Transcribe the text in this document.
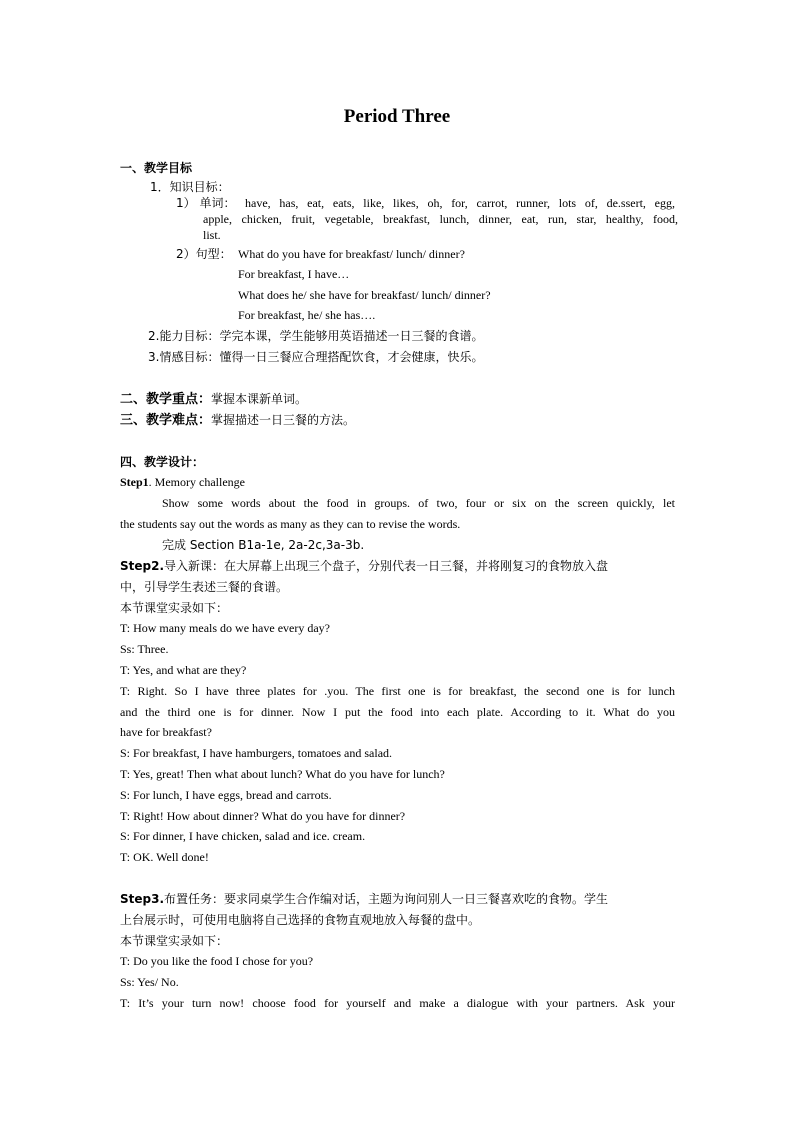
Period Three
一、教学目标
1．知识目标：
1） 单词： have, has, eat, eats, like, likes, oh, for, carrot, runner, lots of, de.ssert, egg,
apple, chicken, fruit, vegetable, breakfast, lunch, dinner, eat, run, star, healthy, food,
list.
2）句型： What do you have for breakfast/ lunch/ dinner?
For breakfast, I have…
What does he/ she have for breakfast/ lunch/ dinner?
For breakfast, he/ she has….
2.能力目标：学完本课，学生能够用英语描述一日三餐的食谱。
3.情感目标：懂得一日三餐应合理搭配饮食，才会健康，快乐。
二、教学重点：掌握本课新单词。
三、教学难点：掌握描述一日三餐的方法。
四、教学设计：
Step1. Memory challenge
Show some words about the food in groups. of two, four or six on the screen quickly, let
the students say out the words as many as they can to revise the words.
完成 Section B1a-1e, 2a-2c,3a-3b.
Step2.导入新课：在大屏幕上出现三个盘子，分别代表一日三餐，并将刚复习的食物放入盘
中，引导学生表述三餐的食谱。
本节课堂实录如下：
T: How many meals do we have every day?
Ss: Three.
T: Yes, and what are they?
T: Right. So I have three plates for .you. The first one is for breakfast, the second one is for lunch
and the third one is for dinner. Now I put the food into each plate. According to it. What do you
have for breakfast?
S: For breakfast, I have hamburgers, tomatoes and salad.
T: Yes, great! Then what about lunch? What do you have for lunch?
S: For lunch, I have eggs, bread and carrots.
T: Right! How about dinner? What do you have for dinner?
S: For dinner, I have chicken, salad and ice. cream.
T: OK. Well done!
Step3.布置任务：要求同桌学生合作编对话，主题为询问别人一日三餐喜欢吃的食物。学生
上台展示时，可使用电脑将自己选择的食物直观地放入每餐的盘中。
本节课堂实录如下：
T: Do you like the food I chose for you?
Ss: Yes/ No.
T: It’s your turn now! choose food for yourself and make a dialogue with your partners. Ask your
